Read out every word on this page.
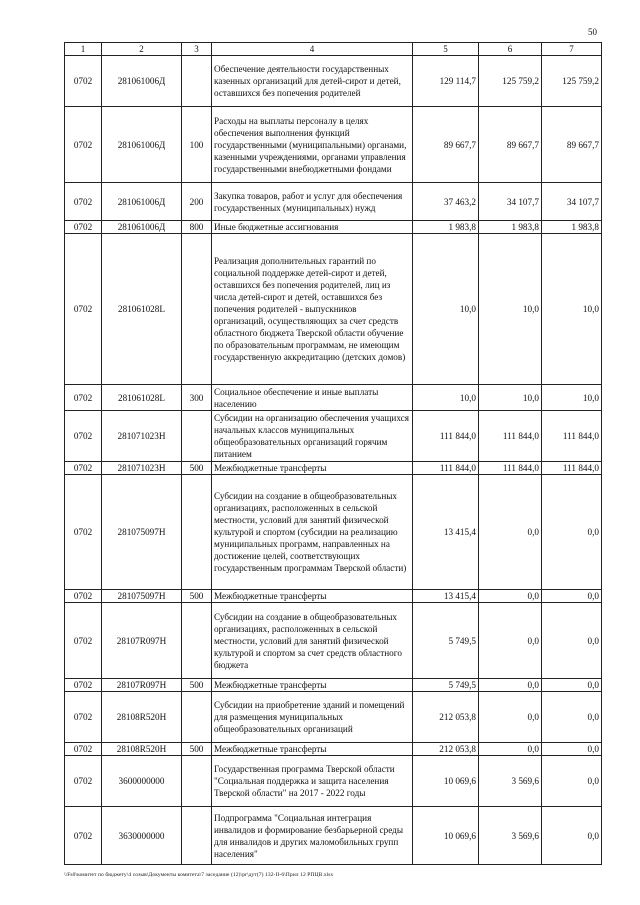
50
1	2	3	4	5	6	7
0702	281061006Д		Обеспечение деятельности государственных казенных организаций для детей-сирот и детей, оставшихся без попечения родителей	129 114,7	125 759,2	125 759,2
0702	281061006Д	100	Расходы на выплаты персоналу в целях обеспечения выполнения функций государственными (муниципальными) органами, казенными учреждениями, органами управления государственными внебюджетными фондами	89 667,7	89 667,7	89 667,7
0702	281061006Д	200	Закупка товаров, работ и услуг для обеспечения государственных (муниципальных) нужд	37 463,2	34 107,7	34 107,7
0702	281061006Д	800	Иные бюджетные ассигнования	1 983,8	1 983,8	1 983,8
0702	281061028L		Реализация дополнительных гарантий по социальной поддержке детей-сирот и детей, оставшихся без попечения родителей, лиц из числа детей-сирот и детей, оставшихся без попечения родителей - выпускников организаций, осуществляющих за счет средств областного бюджета Тверской области обучение по образовательным программам, не имеющим государственную аккредитацию (детских домов)	10,0	10,0	10,0
0702	281061028L	300	Социальное обеспечение и иные выплаты населению	10,0	10,0	10,0
0702	281071023Н		Субсидии на организацию обеспечения учащихся начальных классов муниципальных общеобразовательных организаций горячим питанием	111 844,0	111 844,0	111 844,0
0702	281071023Н	500	Межбюджетные трансферты	111 844,0	111 844,0	111 844,0
0702	281075097Н		Субсидии на создание в общеобразовательных организациях, расположенных в сельской местности, условий для занятий физической культурой и спортом (субсидии на реализацию муниципальных программ, направленных на достижение целей, соответствующих государственным программам Тверской области)	13 415,4	0,0	0,0
0702	281075097Н	500	Межбюджетные трансферты	13 415,4	0,0	0,0
0702	28107R097Н		Субсидии на создание в общеобразовательных организациях, расположенных в сельской местности, условий для занятий физической культурой и спортом за счет средств областного бюджета	5 749,5	0,0	0,0
0702	28107R097Н	500	Межбюджетные трансферты	5 749,5	0,0	0,0
0702	28108R520Н		Субсидии на приобретение зданий и помещений для размещения муниципальных общеобразовательных организаций	212 053,8	0,0	0,0
0702	28108R520Н	500	Межбюджетные трансферты	212 053,8	0,0	0,0
0702	3600000000		Государственная программа Тверской области "Социальная поддержка и защита населения Тверской области" на 2017 - 2022 годы	10 069,6	3 569,6	0,0
0702	3630000000		Подпрограмма "Социальная интеграция инвалидов и формирование безбарьерной среды для инвалидов и других маломобильных групп населения"	10 069,6	3 569,6	0,0
\\Fs0\комитет по бюджету\4 созыв\Документы комитета\7 заседание (12)\pr\дут(7) 132-II-6\Прил 12 РПЦВ.xlsx
